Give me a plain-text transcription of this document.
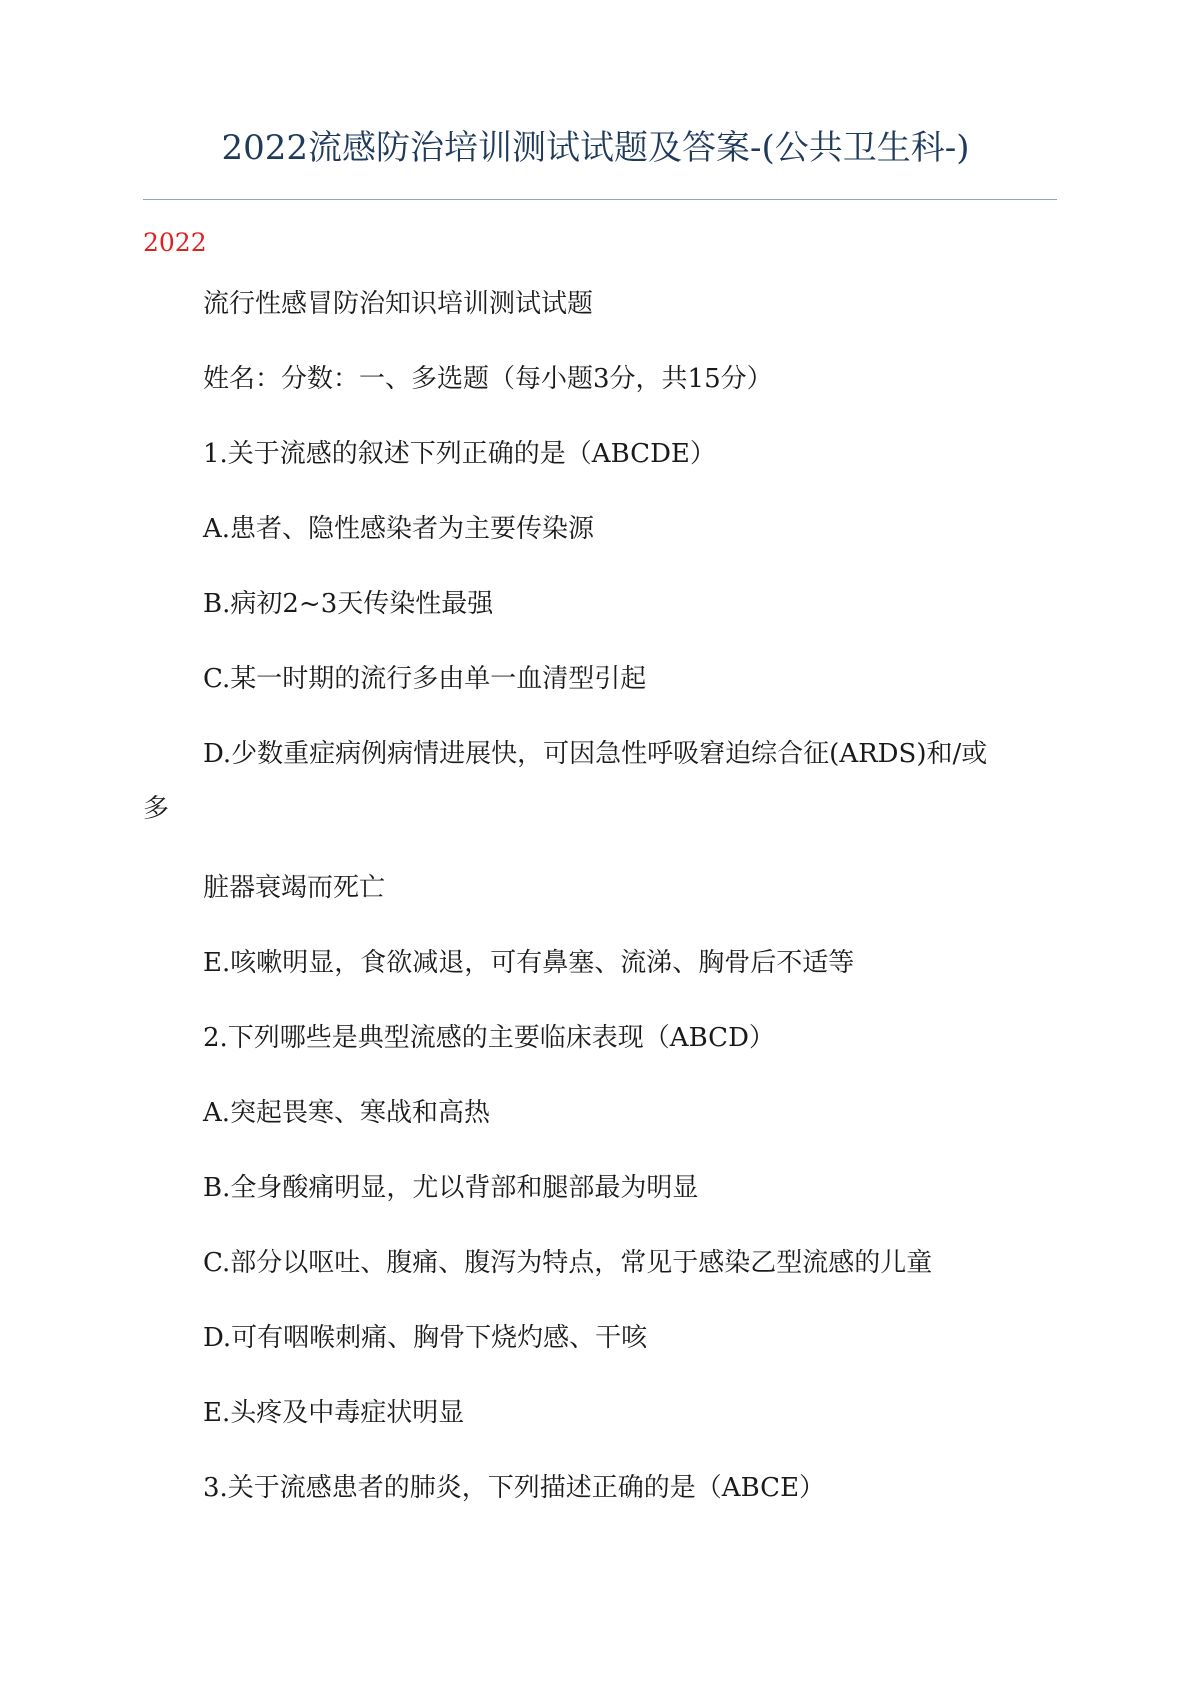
2022流感防治培训测试试题及答案-(公共卫生科-)
2022
流行性感冒防治知识培训测试试题
姓名：分数：一、多选题（每小题3分，共15分）
1.关于流感的叙述下列正确的是（ABCDE）
A.患者、隐性感染者为主要传染源
B.病初2~3天传染性最强
C.某一时期的流行多由单一血清型引起
D.少数重症病例病情进展快，可因急性呼吸窘迫综合征(ARDS)和/或
多
脏器衰竭而死亡
E.咳嗽明显，食欲减退，可有鼻塞、流涕、胸骨后不适等
2.下列哪些是典型流感的主要临床表现（ABCD）
A.突起畏寒、寒战和高热
B.全身酸痛明显，尤以背部和腿部最为明显
C.部分以呕吐、腹痛、腹泻为特点，常见于感染乙型流感的儿童
D.可有咽喉刺痛、胸骨下烧灼感、干咳
E.头疼及中毒症状明显
3.关于流感患者的肺炎，下列描述正确的是（ABCE）
